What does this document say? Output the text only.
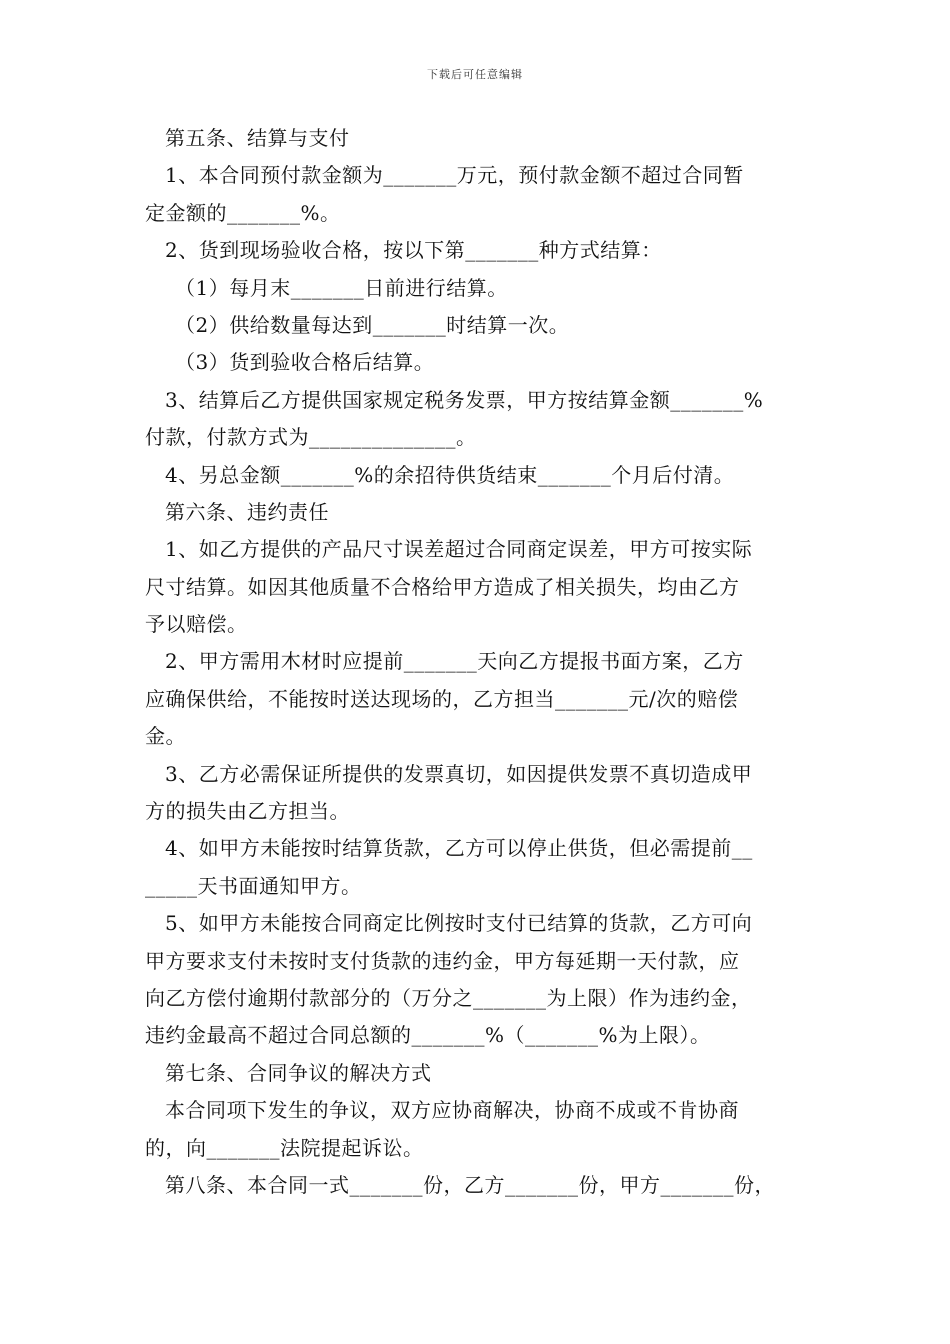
下载后可任意编辑
第五条、结算与支付
1、本合同预付款金额为_______万元，预付款金额不超过合同暂
定金额的_______%。
2、货到现场验收合格，按以下第_______种方式结算：
（1）每月末_______日前进行结算。
（2）供给数量每达到_______时结算一次。
（3）货到验收合格后结算。
3、结算后乙方提供国家规定税务发票，甲方按结算金额_______%
付款，付款方式为______________。
4、另总金额_______%的余招待供货结束_______个月后付清。
第六条、违约责任
1、如乙方提供的产品尺寸误差超过合同商定误差，甲方可按实际
尺寸结算。如因其他质量不合格给甲方造成了相关损失，均由乙方
予以赔偿。
2、甲方需用木材时应提前_______天向乙方提报书面方案，乙方
应确保供给，不能按时送达现场的，乙方担当_______元/次的赔偿
金。
3、乙方必需保证所提供的发票真切，如因提供发票不真切造成甲
方的损失由乙方担当。
4、如甲方未能按时结算货款，乙方可以停止供货，但必需提前__
_____天书面通知甲方。
5、如甲方未能按合同商定比例按时支付已结算的货款，乙方可向
甲方要求支付未按时支付货款的违约金，甲方每延期一天付款，应
向乙方偿付逾期付款部分的（万分之_______为上限）作为违约金，
违约金最高不超过合同总额的_______%（_______%为上限）。
第七条、合同争议的解决方式
本合同项下发生的争议，双方应协商解决，协商不成或不肯协商
的，向_______法院提起诉讼。
第八条、本合同一式_______份，乙方_______份，甲方_______份，
